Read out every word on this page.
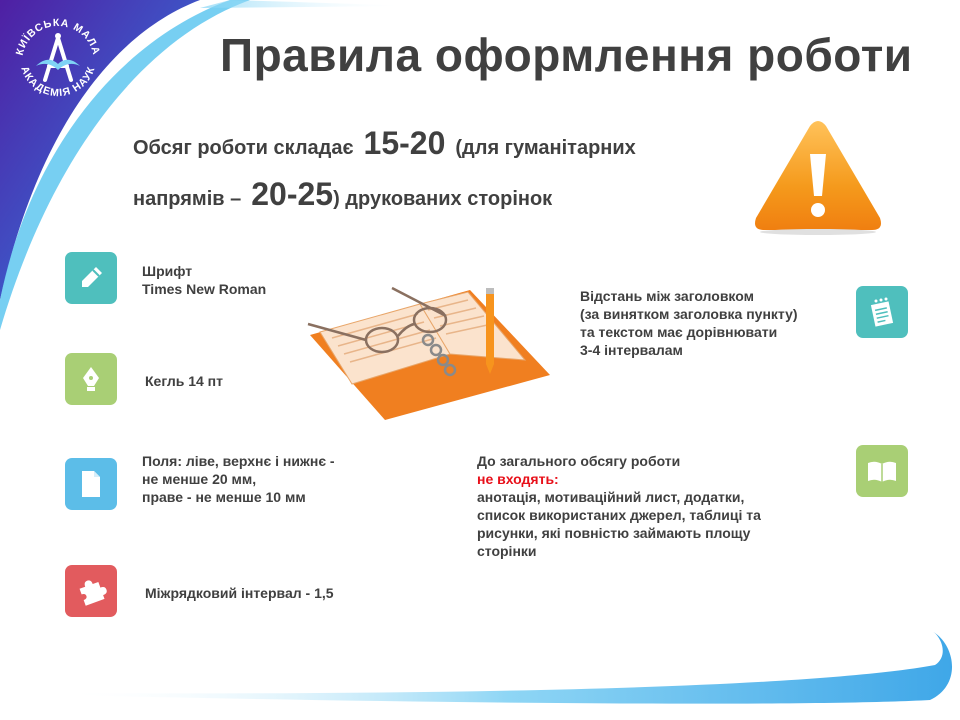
КИЇВСЬКА МАЛА
АКАДЕМІЯ НАУК	Правила оформлення роботи
Обсяг роботи складає 15-20 (для гуманітарних
напрямів – 20-25) друкованих сторінок
Шрифт
Times New Roman
Кегль 14 пт
Поля: ліве, верхнє і нижнє -
не менше 20 мм,
праве - не менше 10 мм
Міжрядковий інтервал - 1,5
Відстань між заголовком
(за винятком заголовка пункту)
та текстом має дорівнювати
3-4 інтервалам
До загального обсягу роботи
не входять:
анотація, мотиваційний лист, додатки,
список використаних джерел, таблиці та
рисунки, які повністю займають площу
сторінки
